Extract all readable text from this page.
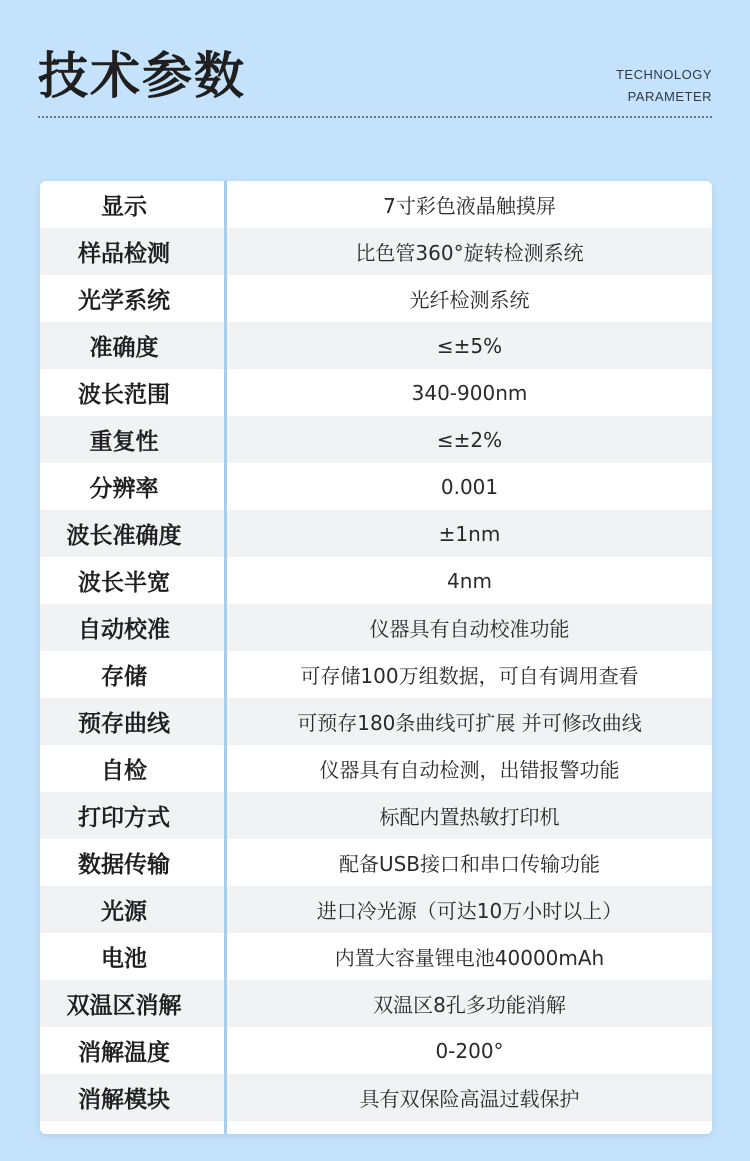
技术参数	TECHNOLOGY
PARAMETER
显示	7寸彩色液晶触摸屏
样品检测	比色管360°旋转检测系统
光学系统	光纤检测系统
准确度	≤±5%
波长范围	340-900nm
重复性	≤±2%
分辨率	0.001
波长准确度	±1nm
波长半宽	4nm
自动校准	仪器具有自动校准功能
存储	可存储100万组数据，可自有调用查看
预存曲线	可预存180条曲线可扩展 并可修改曲线
自检	仪器具有自动检测，出错报警功能
打印方式	标配内置热敏打印机
数据传输	配备USB接口和串口传输功能
光源	进口冷光源（可达10万小时以上）
电池	内置大容量锂电池40000mAh
双温区消解	双温区8孔多功能消解
消解温度	0-200°
消解模块	具有双保险高温过载保护
